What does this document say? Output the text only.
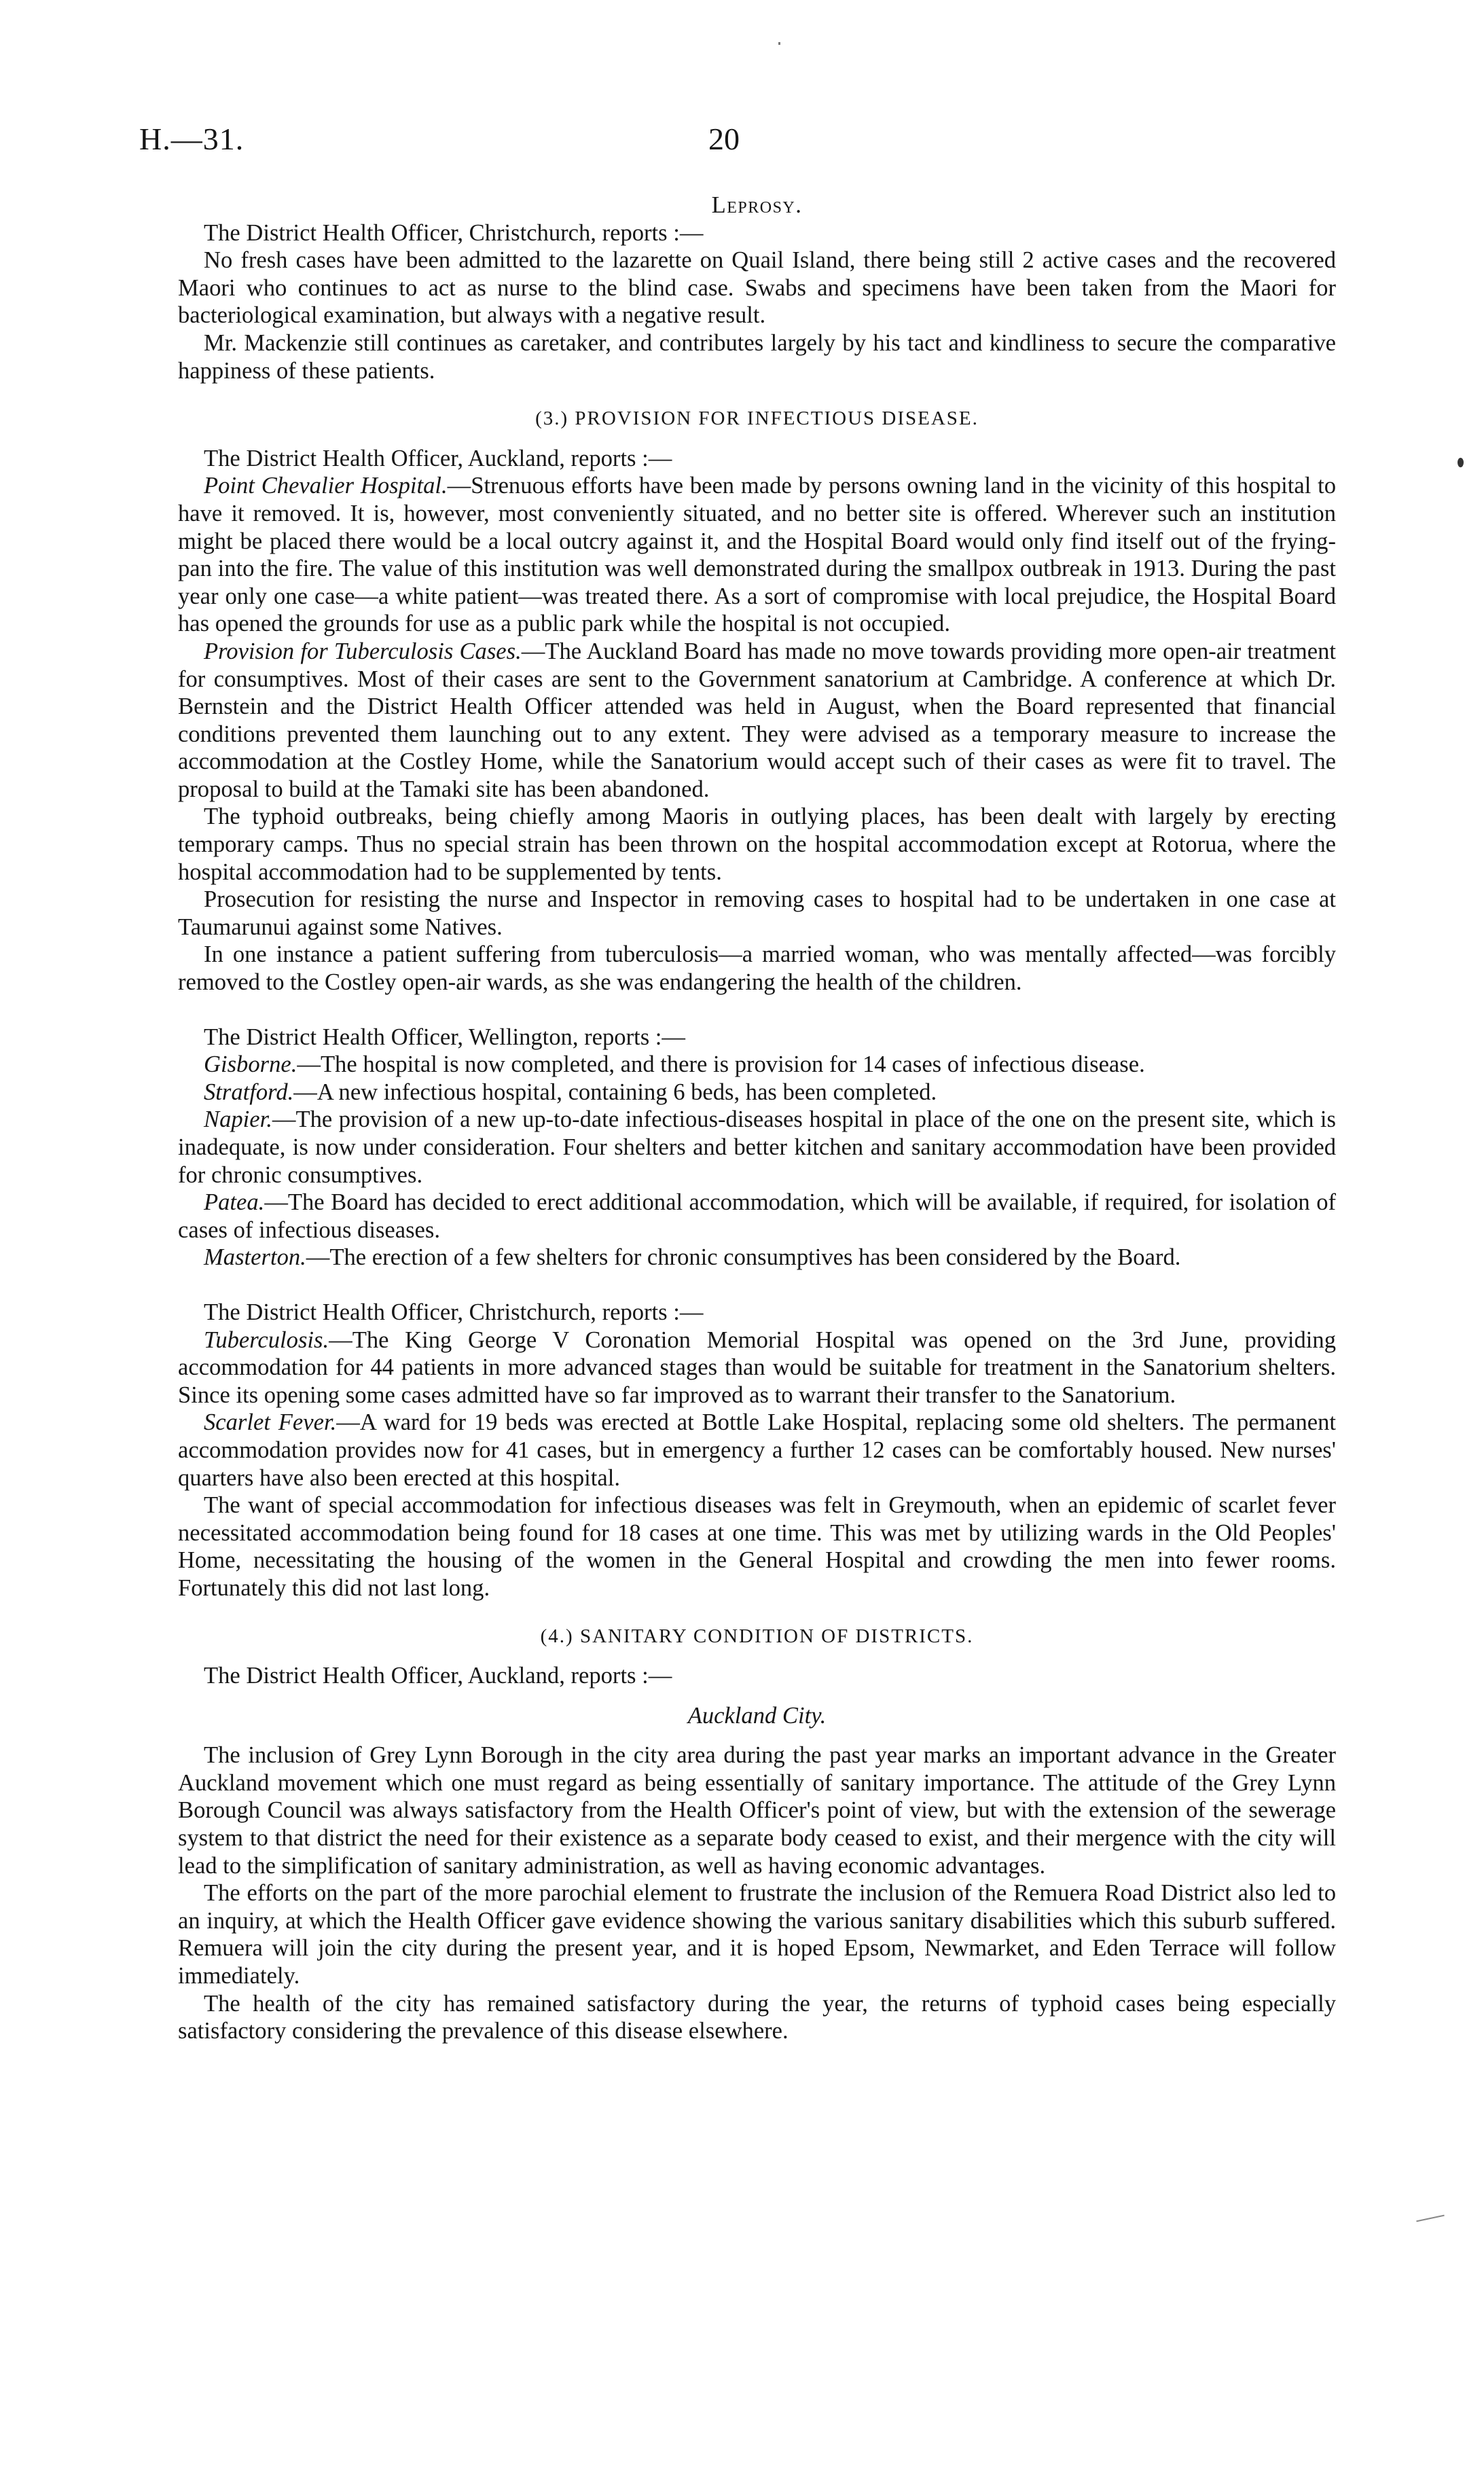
H.—31.	20

Leprosy.

The District Health Officer, Christchurch, reports :—

No fresh cases have been admitted to the lazarette on Quail Island, there being still 2 active cases and the recovered Maori who continues to act as nurse to the blind case. Swabs and specimens have been taken from the Maori for bacteriological examination, but always with a negative result.

Mr. Mackenzie still continues as caretaker, and contributes largely by his tact and kindliness to secure the comparative happiness of these patients.

(3.) PROVISION FOR INFECTIOUS DISEASE.

The District Health Officer, Auckland, reports :—

Point Chevalier Hospital.—Strenuous efforts have been made by persons owning land in the vicinity of this hospital to have it removed. It is, however, most conveniently situated, and no better site is offered. Wherever such an institution might be placed there would be a local outcry against it, and the Hospital Board would only find itself out of the frying-pan into the fire. The value of this institution was well demonstrated during the smallpox outbreak in 1913. During the past year only one case—a white patient—was treated there. As a sort of compromise with local prejudice, the Hospital Board has opened the grounds for use as a public park while the hospital is not occupied.

Provision for Tuberculosis Cases.—The Auckland Board has made no move towards providing more open-air treatment for consumptives. Most of their cases are sent to the Government sanatorium at Cambridge. A conference at which Dr. Bernstein and the District Health Officer attended was held in August, when the Board represented that financial conditions prevented them launching out to any extent. They were advised as a temporary measure to increase the accommodation at the Costley Home, while the Sanatorium would accept such of their cases as were fit to travel. The proposal to build at the Tamaki site has been abandoned.

The typhoid outbreaks, being chiefly among Maoris in outlying places, has been dealt with largely by erecting temporary camps. Thus no special strain has been thrown on the hospital accommodation except at Rotorua, where the hospital accommodation had to be supplemented by tents.

Prosecution for resisting the nurse and Inspector in removing cases to hospital had to be undertaken in one case at Taumarunui against some Natives.

In one instance a patient suffering from tuberculosis—a married woman, who was mentally affected—was forcibly removed to the Costley open-air wards, as she was endangering the health of the children.

The District Health Officer, Wellington, reports :—

Gisborne.—The hospital is now completed, and there is provision for 14 cases of infectious disease.

Stratford.—A new infectious hospital, containing 6 beds, has been completed.

Napier.—The provision of a new up-to-date infectious-diseases hospital in place of the one on the present site, which is inadequate, is now under consideration. Four shelters and better kitchen and sanitary accommodation have been provided for chronic consumptives.

Patea.—The Board has decided to erect additional accommodation, which will be available, if required, for isolation of cases of infectious diseases.

Masterton.—The erection of a few shelters for chronic consumptives has been considered by the Board.

The District Health Officer, Christchurch, reports :—

Tuberculosis.—The King George V Coronation Memorial Hospital was opened on the 3rd June, providing accommodation for 44 patients in more advanced stages than would be suitable for treatment in the Sanatorium shelters. Since its opening some cases admitted have so far improved as to warrant their transfer to the Sanatorium.

Scarlet Fever.—A ward for 19 beds was erected at Bottle Lake Hospital, replacing some old shelters. The permanent accommodation provides now for 41 cases, but in emergency a further 12 cases can be comfortably housed. New nurses' quarters have also been erected at this hospital.

The want of special accommodation for infectious diseases was felt in Greymouth, when an epidemic of scarlet fever necessitated accommodation being found for 18 cases at one time. This was met by utilizing wards in the Old Peoples' Home, necessitating the housing of the women in the General Hospital and crowding the men into fewer rooms. Fortunately this did not last long.

(4.) SANITARY CONDITION OF DISTRICTS.

The District Health Officer, Auckland, reports :—

Auckland City.

The inclusion of Grey Lynn Borough in the city area during the past year marks an important advance in the Greater Auckland movement which one must regard as being essentially of sanitary importance. The attitude of the Grey Lynn Borough Council was always satisfactory from the Health Officer's point of view, but with the extension of the sewerage system to that district the need for their existence as a separate body ceased to exist, and their mergence with the city will lead to the simplification of sanitary administration, as well as having economic advantages.

The efforts on the part of the more parochial element to frustrate the inclusion of the Remuera Road District also led to an inquiry, at which the Health Officer gave evidence showing the various sanitary disabilities which this suburb suffered. Remuera will join the city during the present year, and it is hoped Epsom, Newmarket, and Eden Terrace will follow immediately.

The health of the city has remained satisfactory during the year, the returns of typhoid cases being especially satisfactory considering the prevalence of this disease elsewhere.
